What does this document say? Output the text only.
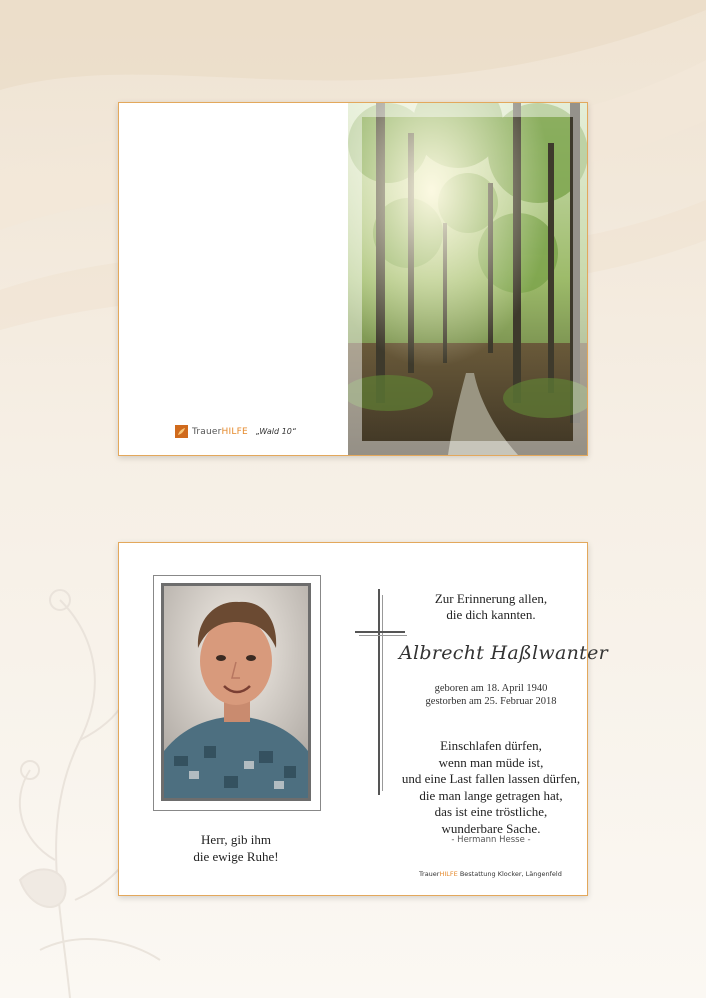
Trauer HILFE „Wald 10“
Herr, gib ihm
die ewige Ruhe!
Zur Erinnerung allen,
die dich kannten.
Albrecht Haßlwanter
geboren am 18. April 1940
gestorben am 25. Februar 2018
Einschlafen dürfen,
wenn man müde ist,
und eine Last fallen lassen dürfen,
die man lange getragen hat,
das ist eine tröstliche,
wunderbare Sache.
- Hermann Hesse -
TrauerHILFE Bestattung Klocker, Längenfeld
